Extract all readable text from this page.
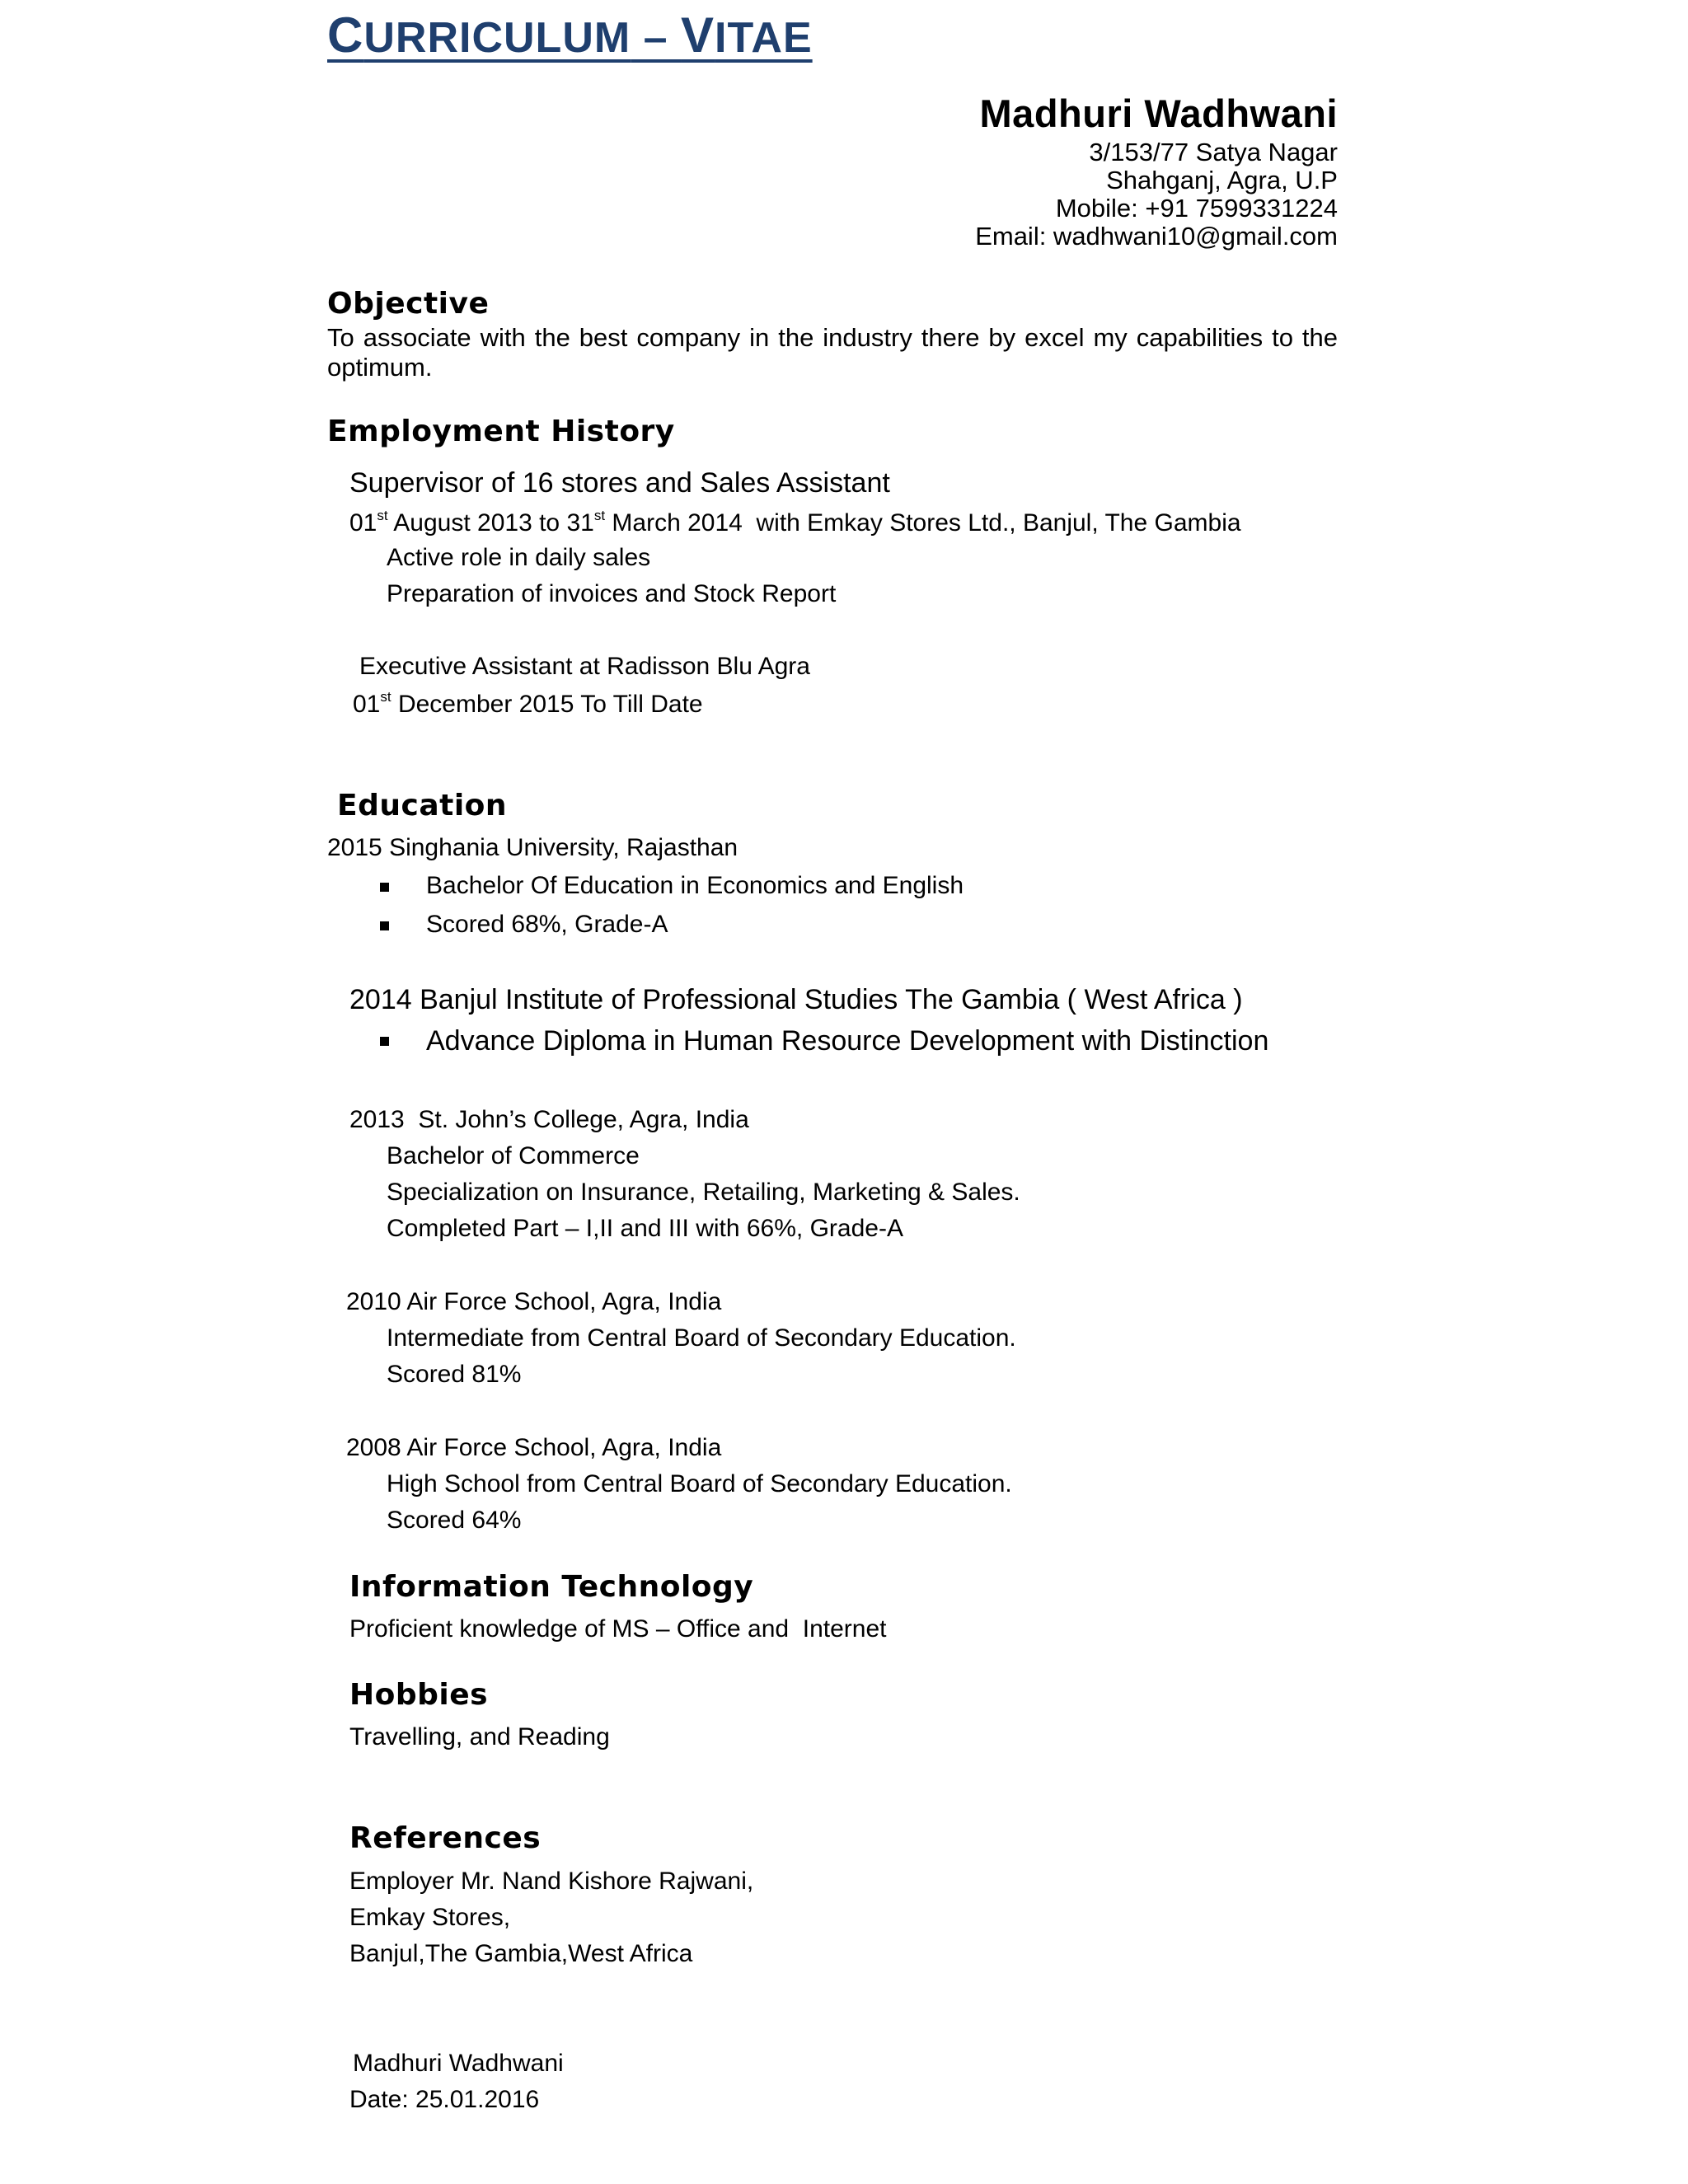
CURRICULUM – VITAE
Madhuri Wadhwani
3/153/77 Satya Nagar
Shahganj, Agra, U.P
Mobile: +91 7599331224
Email: wadhwani10@gmail.com
Objective
To associate with the best company in the industry there by excel my capabilities to the optimum.
Employment History
Supervisor of 16 stores and Sales Assistant
01st August 2013 to 31st March 2014  with Emkay Stores Ltd., Banjul, The Gambia
Active role in daily sales
Preparation of invoices and Stock Report
Executive Assistant at Radisson Blu Agra
01st December 2015 To Till Date
Education
2015 Singhania University, Rajasthan
Bachelor Of Education in Economics and English
Scored 68%, Grade-A
2014 Banjul Institute of Professional Studies The Gambia ( West Africa )
Advance Diploma in Human Resource Development with Distinction
2013  St. John’s College, Agra, India
Bachelor of Commerce
Specialization on Insurance, Retailing, Marketing & Sales.
Completed Part – I,II and III with 66%, Grade-A
2010 Air Force School, Agra, India
Intermediate from Central Board of Secondary Education.
Scored 81%
2008 Air Force School, Agra, India
High School from Central Board of Secondary Education.
Scored 64%
Information Technology
Proficient knowledge of MS – Office and  Internet
Hobbies
Travelling, and Reading
References
Employer Mr. Nand Kishore Rajwani,
Emkay Stores,
Banjul,The Gambia,West Africa
Madhuri Wadhwani
Date: 25.01.2016
